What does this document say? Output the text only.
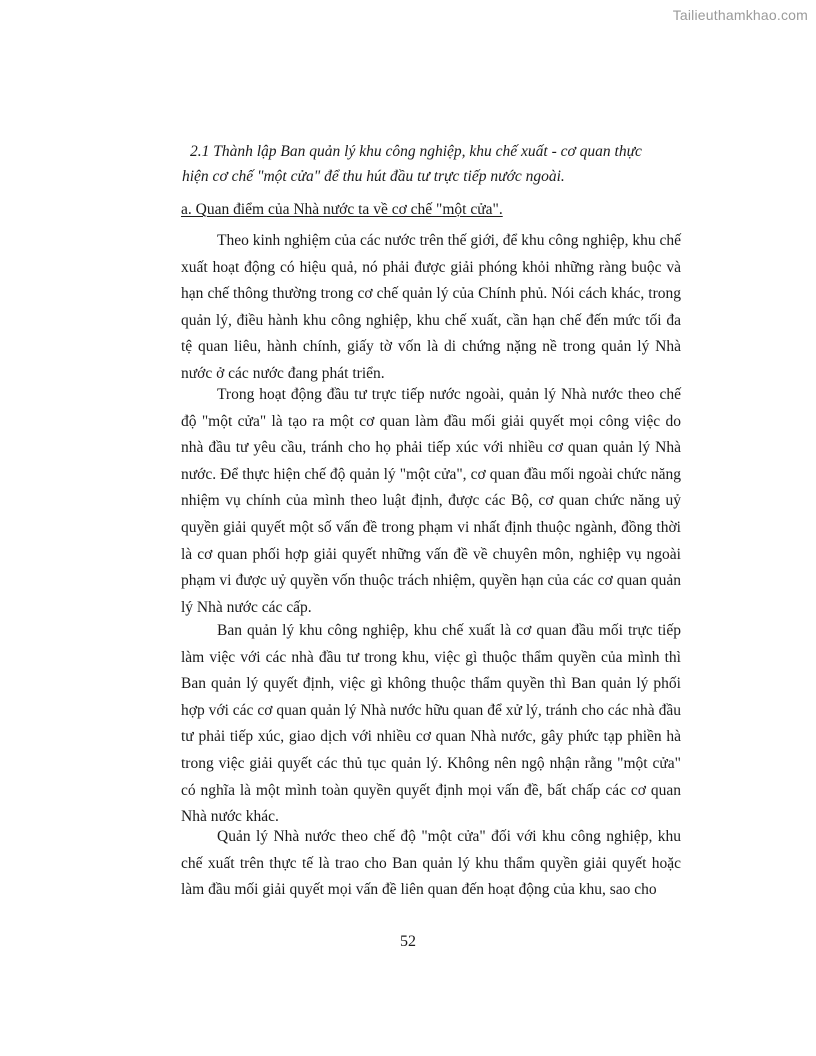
Tailieuthamkhao.com
2.1 Thành lập Ban quản lý khu công nghiệp, khu chế xuất - cơ quan thực
hiện cơ chế "một cửa" để thu hút đầu tư trực tiếp nước ngoài.
a. Quan điểm của Nhà nước ta về cơ chế "một cửa".

Theo kinh nghiệm của các nước trên thế giới, để khu công nghiệp, khu chế xuất hoạt động có hiệu quả, nó phải được giải phóng khỏi những ràng buộc và hạn chế thông thường trong cơ chế quản lý của Chính phủ. Nói cách khác, trong quản lý, điều hành khu công nghiệp, khu chế xuất, cần hạn chế đến mức tối đa tệ quan liêu, hành chính, giấy tờ vốn là di chứng nặng nề trong quản lý Nhà nước ở các nước đang phát triển.

Trong hoạt động đầu tư trực tiếp nước ngoài, quản lý Nhà nước theo chế độ "một cửa" là tạo ra một cơ quan làm đầu mối giải quyết mọi công việc do nhà đầu tư yêu cầu, tránh cho họ phải tiếp xúc với nhiều cơ quan quản lý Nhà nước. Để thực hiện chế độ quản lý "một cửa", cơ quan đầu mối ngoài chức năng nhiệm vụ chính của mình theo luật định, được các Bộ, cơ quan chức năng uỷ quyền giải quyết một số vấn đề trong phạm vi nhất định thuộc ngành, đồng thời là cơ quan phối hợp giải quyết những vấn đề về chuyên môn, nghiệp vụ ngoài phạm vi được uỷ quyền vốn thuộc trách nhiệm, quyền hạn của các cơ quan quản lý Nhà nước các cấp.

Ban quản lý khu công nghiệp, khu chế xuất là cơ quan đầu mối trực tiếp làm việc với các nhà đầu tư trong khu, việc gì thuộc thẩm quyền của mình thì Ban quản lý quyết định, việc gì không thuộc thẩm quyền thì Ban quản lý phối hợp với các cơ quan quản lý Nhà nước hữu quan để xử lý, tránh cho các nhà đầu tư phải tiếp xúc, giao dịch với nhiều cơ quan Nhà nước, gây phức tạp phiền hà trong việc giải quyết các thủ tục quản lý. Không nên ngộ nhận rằng "một cửa" có nghĩa là một mình toàn quyền quyết định mọi vấn đề, bất chấp các cơ quan Nhà nước khác.

Quản lý Nhà nước theo chế độ "một cửa" đối với khu công nghiệp, khu chế xuất trên thực tế là trao cho Ban quản lý khu thẩm quyền giải quyết hoặc làm đầu mối giải quyết mọi vấn đề liên quan đến hoạt động của khu, sao cho

52
